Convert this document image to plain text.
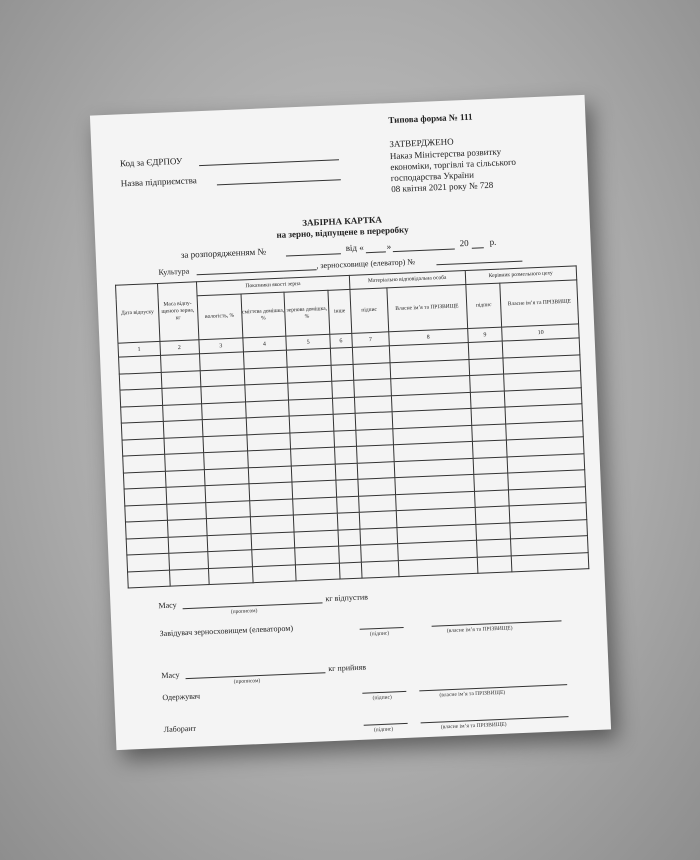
Типова форма № 111
ЗАТВЕРДЖЕНО
Наказ Міністерства розвитку
економіки, торгівлі та сільського
господарства України
08 квітня 2021 року № 728
Код за ЄДРПОУ
Назва підприємства
ЗАБІРНА КАРТКА
на зерно, відпущене в переробку
за розпорядженням №	від « »	20 р.
Культура
, зерносховище (елеватор) №
Дата відпуску	Маса відпу- щеного зерна, кг	Показники якості зерна				Матеріально відповідальна особа		Керівник розмельного цеху	
		вологість, %	сміттєва домішка, %	зернова домішка, %	інше	підпис	Власне ім’я та ПРІЗВИЩЕ	підпис	Власне ім’я та ПРІЗВИЩЕ
1	2	3	4	5	6	7	8	9	10

Масу
(прописом)
кг відпустив
Завідувач зерносховищем (елеватором)	(підпис)	(власне ім’я та ПРІЗВИЩЕ)
Масу
(прописом)
кг прийняв
Одержувач	(підпис)	(власне ім’я та ПРІЗВИЩЕ)
Лаборант	(підпис)	(власне ім’я та ПРІЗВИЩЕ)
